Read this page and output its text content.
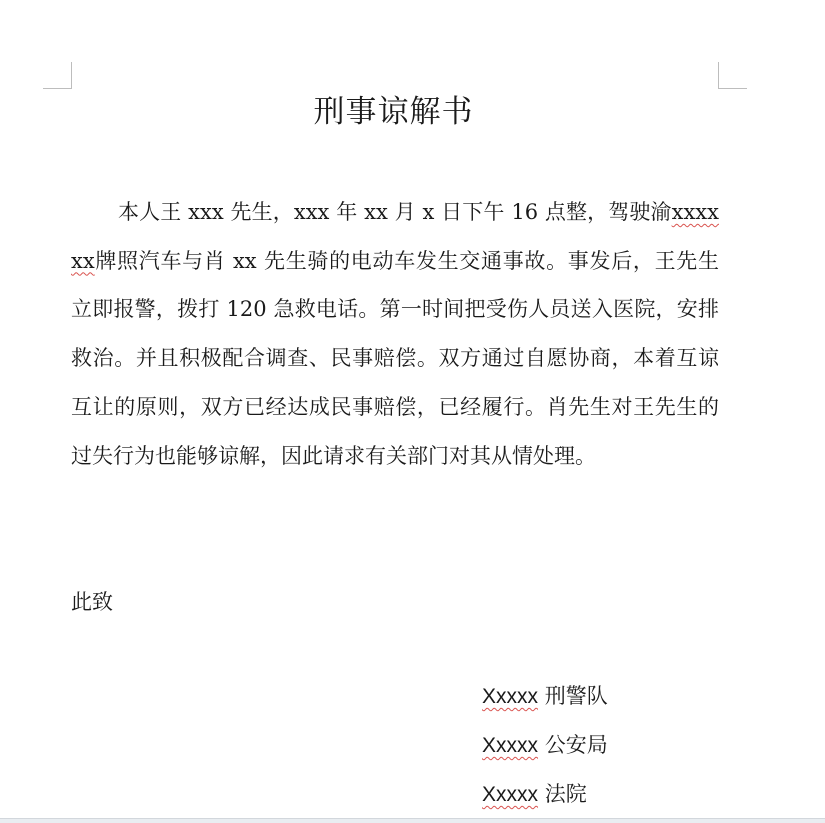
刑事谅解书

本人王 xxx 先生，xxx 年 xx 月 x 日下午 16 点整，驾驶渝xxxxxx牌照汽车与肖 xx 先生骑的电动车发生交通事故。事发后，王先生立即报警，拨打 120 急救电话。第一时间把受伤人员送入医院，安排救治。并且积极配合调查、民事赔偿。双方通过自愿协商，本着互谅互让的原则，双方已经达成民事赔偿，已经履行。肖先生对王先生的过失行为也能够谅解，因此请求有关部门对其从情处理。

此致

Xxxxx 刑警队
Xxxxx 公安局
Xxxxx 法院
